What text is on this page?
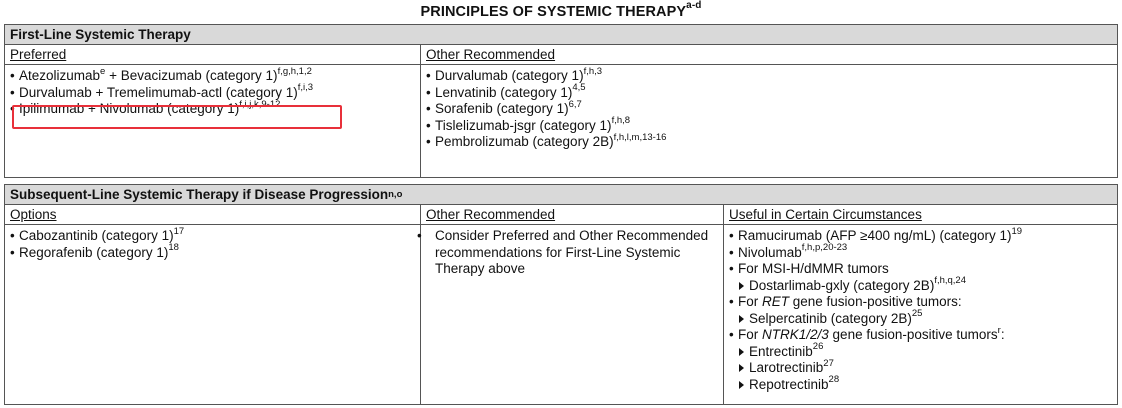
PRINCIPLES OF SYSTEMIC THERAPY$^{a-d}$
First-Line Systemic Therapy
Preferred
• Atezolizumab$^e$ + Bevacizumab (category 1)$^{f,g,h,1,2}$
• Durvalumab + Tremelimumab-actl (category 1)$^{f,i,3}$
• Ipilimumab + Nivolumab (category 1)$^{f,i,j,k,9-12}$
Other Recommended
• Durvalumab (category 1)$^{f,h,3}$
• Lenvatinib (category 1)$^{4,5}$
• Sorafenib (category 1)$^{6,7}$
• Tislelizumab-jsgr (category 1)$^{f,h,8}$
• Pembrolizumab (category 2B)$^{f,h,l,m,13-16}$
Subsequent-Line Systemic Therapy if Disease Progression$^{n,o}$
Options
• Cabozantinib (category 1)$^{17}$
• Regorafenib (category 1)$^{18}$
Other Recommended
• Consider Preferred and Other Recommended recommendations for First-Line Systemic Therapy above
Useful in Certain Circumstances
• Ramucirumab (AFP ≥400 ng/mL) (category 1)$^{19}$
• Nivolumab$^{f,h,p,20-23}$
• For MSI-H/dMMR tumors
Dostarlimab-gxly (category 2B)$^{f,h,q,24}$
• For RET gene fusion-positive tumors:
Selpercatinib (category 2B)$^{25}$
• For NTRK1/2/3 gene fusion-positive tumors$^r$:
Entrectinib$^{26}$
Larotrectinib$^{27}$
Repotrectinib$^{28}$
